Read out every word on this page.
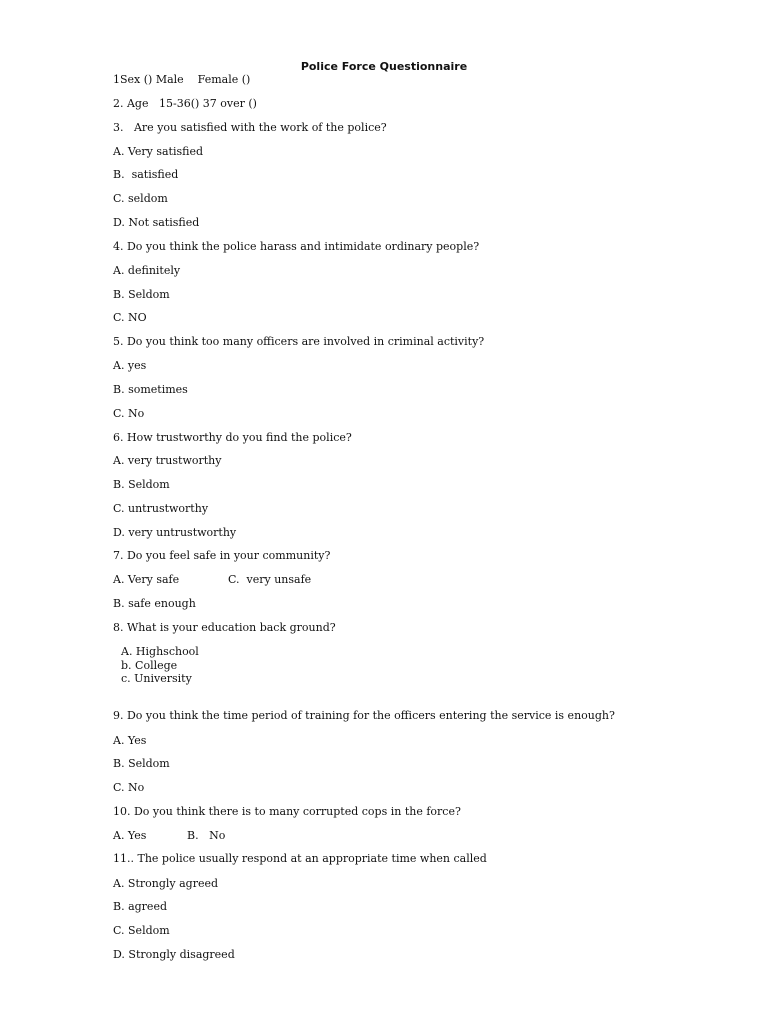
Police Force Questionnaire
1Sex () Male    Female ()
2. Age   15-36() 37 over ()
3.   Are you satisfied with the work of the police?
A. Very satisfied
B.  satisfied
C. seldom
D. Not satisfied
4. Do you think the police harass and intimidate ordinary people?
A. definitely
B. Seldom
C. NO
5. Do you think too many officers are involved in criminal activity?
A. yes
B. sometimes
C. No
6. How trustworthy do you find the police?
A. very trustworthy
B. Seldom
C. untrustworthy
D. very untrustworthy
7. Do you feel safe in your community?
A. Very safe	C.  very unsafe
B. safe enough
8. What is your education back ground?
A. Highschool
b. College
c. University
9. Do you think the time period of training for the officers entering the service is enough?
A. Yes
B. Seldom
C. No
10. Do you think there is to many corrupted cops in the force?
A. Yes	B.   No
11.. The police usually respond at an appropriate time when called
A. Strongly agreed
B. agreed
C. Seldom
D. Strongly disagreed
